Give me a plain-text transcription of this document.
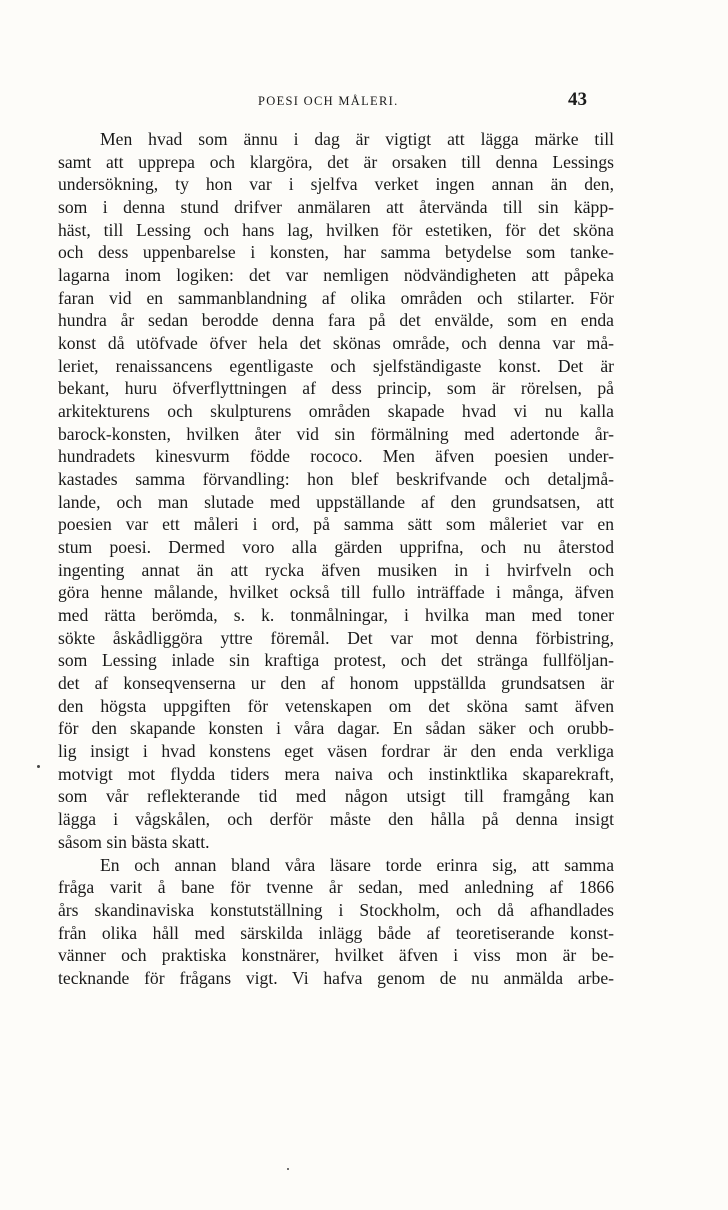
POESI OCH MÅLERI.	43
Men hvad som ännu i dag är vigtigt att lägga märke till
samt att upprepa och klargöra, det är orsaken till denna Lessings
undersökning, ty hon var i sjelfva verket ingen annan än den,
som i denna stund drifver anmälaren att återvända till sin käpp-
häst, till Lessing och hans lag, hvilken för estetiken, för det sköna
och dess uppenbarelse i konsten, har samma betydelse som tanke-
lagarna inom logiken: det var nemligen nödvändigheten att påpeka
faran vid en sammanblandning af olika områden och stilarter. För
hundra år sedan berodde denna fara på det envälde, som en enda
konst då utöfvade öfver hela det skönas område, och denna var må-
leriet, renaissancens egentligaste och sjelfständigaste konst. Det är
bekant, huru öfverflyttningen af dess princip, som är rörelsen, på
arkitekturens och skulpturens områden skapade hvad vi nu kalla
barock-konsten, hvilken åter vid sin förmälning med adertonde år-
hundradets kinesvurm födde rococo. Men äfven poesien under-
kastades samma förvandling: hon blef beskrifvande och detaljmå-
lande, och man slutade med uppställande af den grundsatsen, att
poesien var ett måleri i ord, på samma sätt som måleriet var en
stum poesi. Dermed voro alla gärden upprifna, och nu återstod
ingenting annat än att rycka äfven musiken in i hvirfveln och
göra henne målande, hvilket också till fullo inträffade i många, äfven
med rätta berömda, s. k. tonmålningar, i hvilka man med toner
sökte åskådliggöra yttre föremål. Det var mot denna förbistring,
som Lessing inlade sin kraftiga protest, och det stränga fullföljan-
det af konseqvenserna ur den af honom uppställda grundsatsen är
den högsta uppgiften för vetenskapen om det sköna samt äfven
för den skapande konsten i våra dagar. En sådan säker och orubb-
lig insigt i hvad konstens eget väsen fordrar är den enda verkliga
motvigt mot flydda tiders mera naiva och instinktlika skaparekraft,
som vår reflekterande tid med någon utsigt till framgång kan
lägga i vågskålen, och derför måste den hålla på denna insigt
såsom sin bästa skatt.
En och annan bland våra läsare torde erinra sig, att samma
fråga varit å bane för tvenne år sedan, med anledning af 1866
års skandinaviska konstutställning i Stockholm, och då afhandlades
från olika håll med särskilda inlägg både af teoretiserande konst-
vänner och praktiska konstnärer, hvilket äfven i viss mon är be-
tecknande för frågans vigt. Vi hafva genom de nu anmälda arbe-
